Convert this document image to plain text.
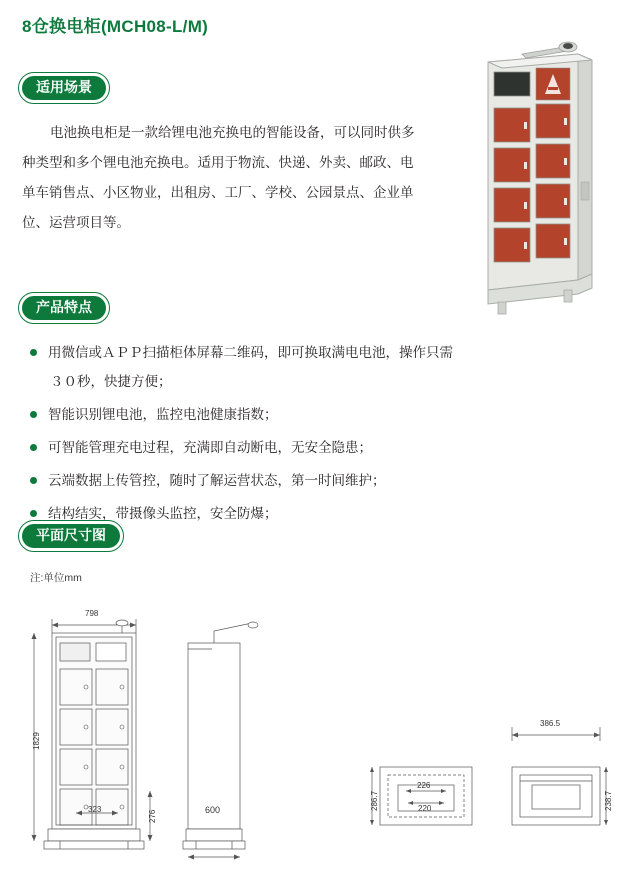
8仓换电柜(MCH08-L/M)
适用场景
电池换电柜是一款给锂电池充换电的智能设备，可以同时供多种类型和多个锂电池充换电。适用于物流、快递、外卖、邮政、电单车销售点、小区物业，出租房、工厂、学校、公园景点、企业单位、运营项目等。
产品特点
用微信或ＡＰＰ扫描柜体屏幕二维码，即可换取满电电池，操作只需
３０秒，快捷方便；
智能识别锂电池，监控电池健康指数；
可智能管理充电过程，充满即自动断电，无安全隐患；
云端数据上传管控，随时了解运营状态，第一时间维护；
结构结实，带摄像头监控，安全防爆；
平面尺寸图
注:单位mm
798
1829
276
323	600
226
220
286.7
386.5
238.7
